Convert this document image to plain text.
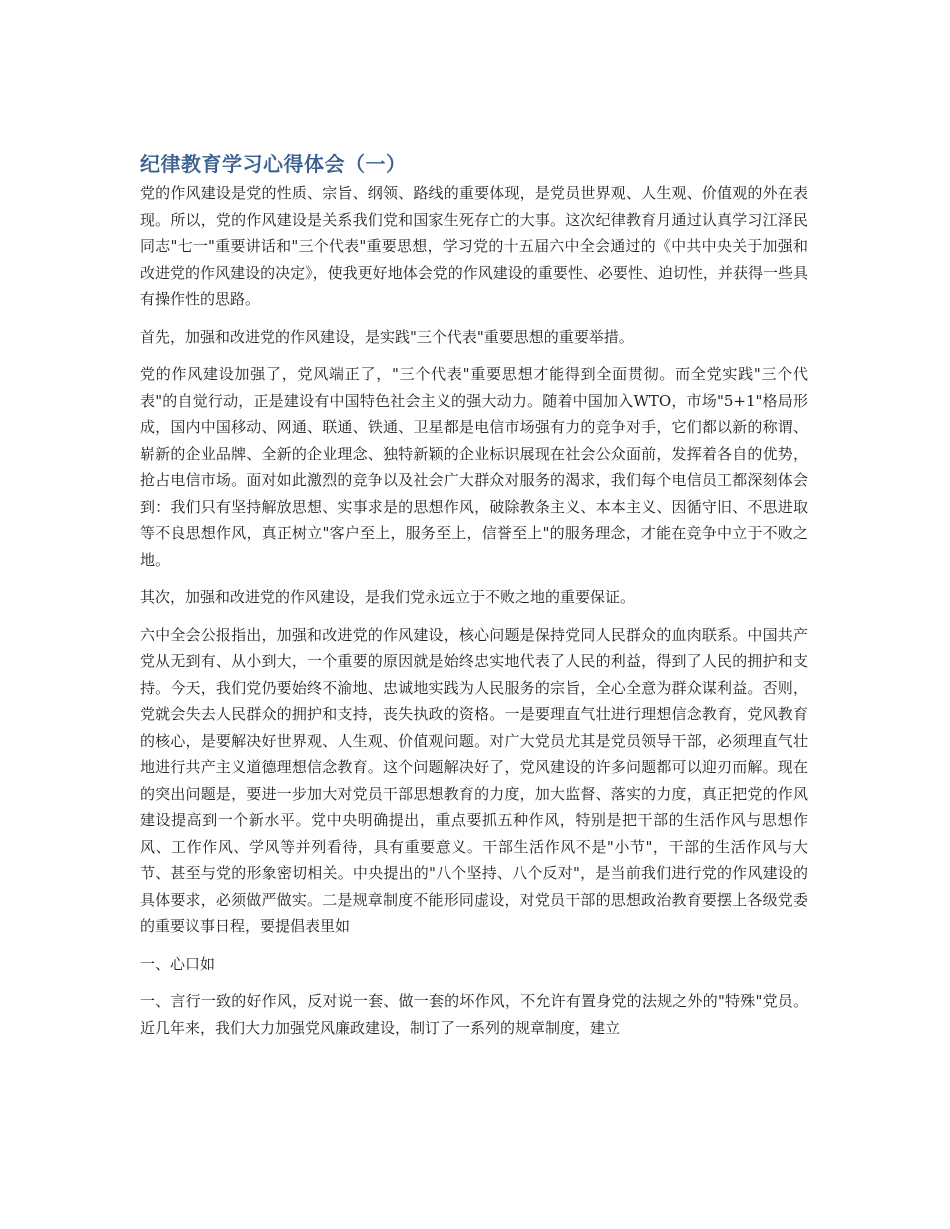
纪律教育学习心得体会（一）

党的作风建设是党的性质、宗旨、纲领、路线的重要体现，是党员世界观、人生观、价值观的外在表现。所以，党的作风建设是关系我们党和国家生死存亡的大事。这次纪律教育月通过认真学习江泽民同志"七一"重要讲话和"三个代表"重要思想，学习党的十五届六中全会通过的《中共中央关于加强和改进党的作风建设的决定》，使我更好地体会党的作风建设的重要性、必要性、迫切性，并获得一些具有操作性的思路。

首先，加强和改进党的作风建设，是实践"三个代表"重要思想的重要举措。

党的作风建设加强了，党风端正了，"三个代表"重要思想才能得到全面贯彻。而全党实践"三个代表"的自觉行动，正是建设有中国特色社会主义的强大动力。随着中国加入WTO，市场"5+1"格局形成，国内中国移动、网通、联通、铁通、卫星都是电信市场强有力的竞争对手，它们都以新的称谓、崭新的企业品牌、全新的企业理念、独特新颖的企业标识展现在社会公众面前，发挥着各自的优势，抢占电信市场。面对如此激烈的竞争以及社会广大群众对服务的渴求，我们每个电信员工都深刻体会到：我们只有坚持解放思想、实事求是的思想作风，破除教条主义、本本主义、因循守旧、不思进取等不良思想作风，真正树立"客户至上，服务至上，信誉至上"的服务理念，才能在竞争中立于不败之地。

其次，加强和改进党的作风建设，是我们党永远立于不败之地的重要保证。

六中全会公报指出，加强和改进党的作风建设，核心问题是保持党同人民群众的血肉联系。中国共产党从无到有、从小到大，一个重要的原因就是始终忠实地代表了人民的利益，得到了人民的拥护和支持。今天，我们党仍要始终不渝地、忠诚地实践为人民服务的宗旨，全心全意为群众谋利益。否则，党就会失去人民群众的拥护和支持，丧失执政的资格。一是要理直气壮进行理想信念教育，党风教育的核心，是要解决好世界观、人生观、价值观问题。对广大党员尤其是党员领导干部，必须理直气壮地进行共产主义道德理想信念教育。这个问题解决好了，党风建设的许多问题都可以迎刃而解。现在的突出问题是，要进一步加大对党员干部思想教育的力度，加大监督、落实的力度，真正把党的作风建设提高到一个新水平。党中央明确提出，重点要抓五种作风，特别是把干部的生活作风与思想作风、工作作风、学风等并列看待，具有重要意义。干部生活作风不是"小节"，干部的生活作风与大节、甚至与党的形象密切相关。中央提出的"八个坚持、八个反对"，是当前我们进行党的作风建设的具体要求，必须做严做实。二是规章制度不能形同虚设，对党员干部的思想政治教育要摆上各级党委的重要议事日程，要提倡表里如

一、心口如

一、言行一致的好作风，反对说一套、做一套的坏作风，不允许有置身党的法规之外的"特殊"党员。近几年来，我们大力加强党风廉政建设，制订了一系列的规章制度，建立
